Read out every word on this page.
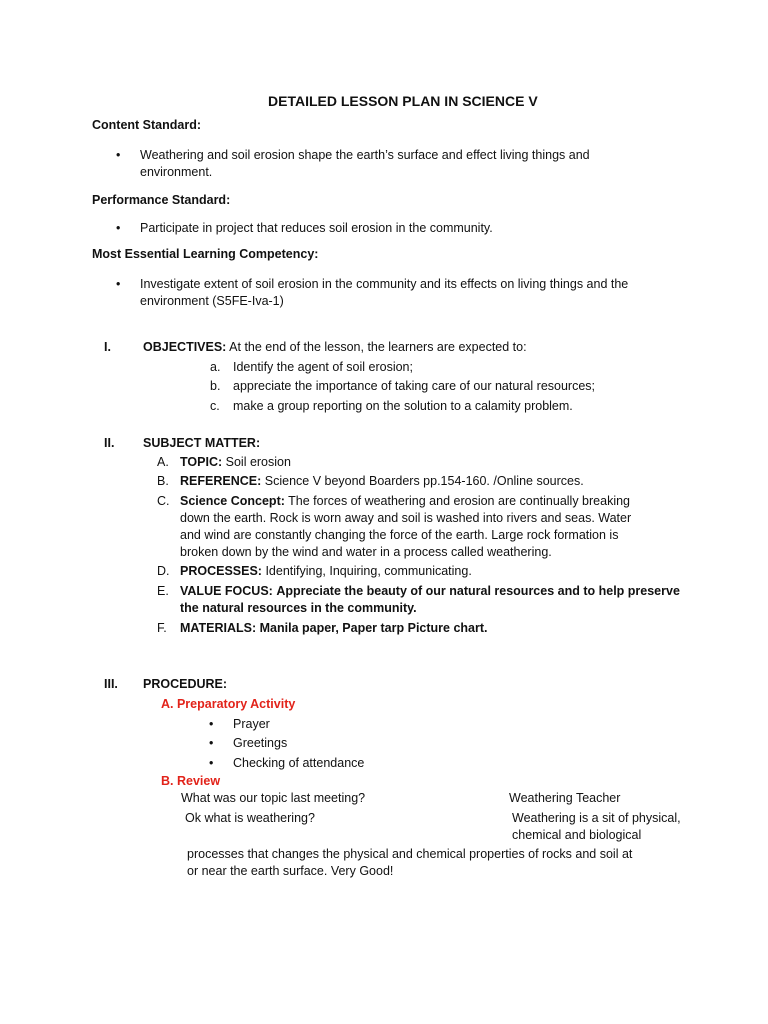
DETAILED LESSON PLAN IN SCIENCE V
Content Standard:
• Weathering and soil erosion shape the earth’s surface and effect living things and
environment.
Performance Standard:
• Participate in project that reduces soil erosion in the community.
Most Essential Learning Competency:
• Investigate extent of soil erosion in the community and its effects on living things and the
environment (S5FE-Iva-1)
I.	OBJECTIVES: At the end of the lesson, the learners are expected to:
a. Identify the agent of soil erosion;
b. appreciate the importance of taking care of our natural resources;
c. make a group reporting on the solution to a calamity problem.
II. SUBJECT MATTER:
A. TOPIC: Soil erosion
B. REFERENCE: Science V beyond Boarders pp.154-160. /Online sources.
C. Science Concept: The forces of weathering and erosion are continually breaking
down the earth. Rock is worn away and soil is washed into rivers and seas. Water
and wind are constantly changing the force of the earth. Large rock formation is
broken down by the wind and water in a process called weathering.
D. PROCESSES: Identifying, Inquiring, communicating.
E. VALUE FOCUS: Appreciate the beauty of our natural resources and to help preserve
the natural resources in the community.
F. MATERIALS: Manila paper, Paper tarp Picture chart.
III. PROCEDURE:
A. Preparatory Activity
• Prayer
• Greetings
• Checking of attendance
B. Review
What was our topic last meeting?	Weathering Teacher
Ok what is weathering?	Weathering is a sit of physical,
chemical and biological
processes that changes the physical and chemical properties of rocks and soil at
or near the earth surface. Very Good!
